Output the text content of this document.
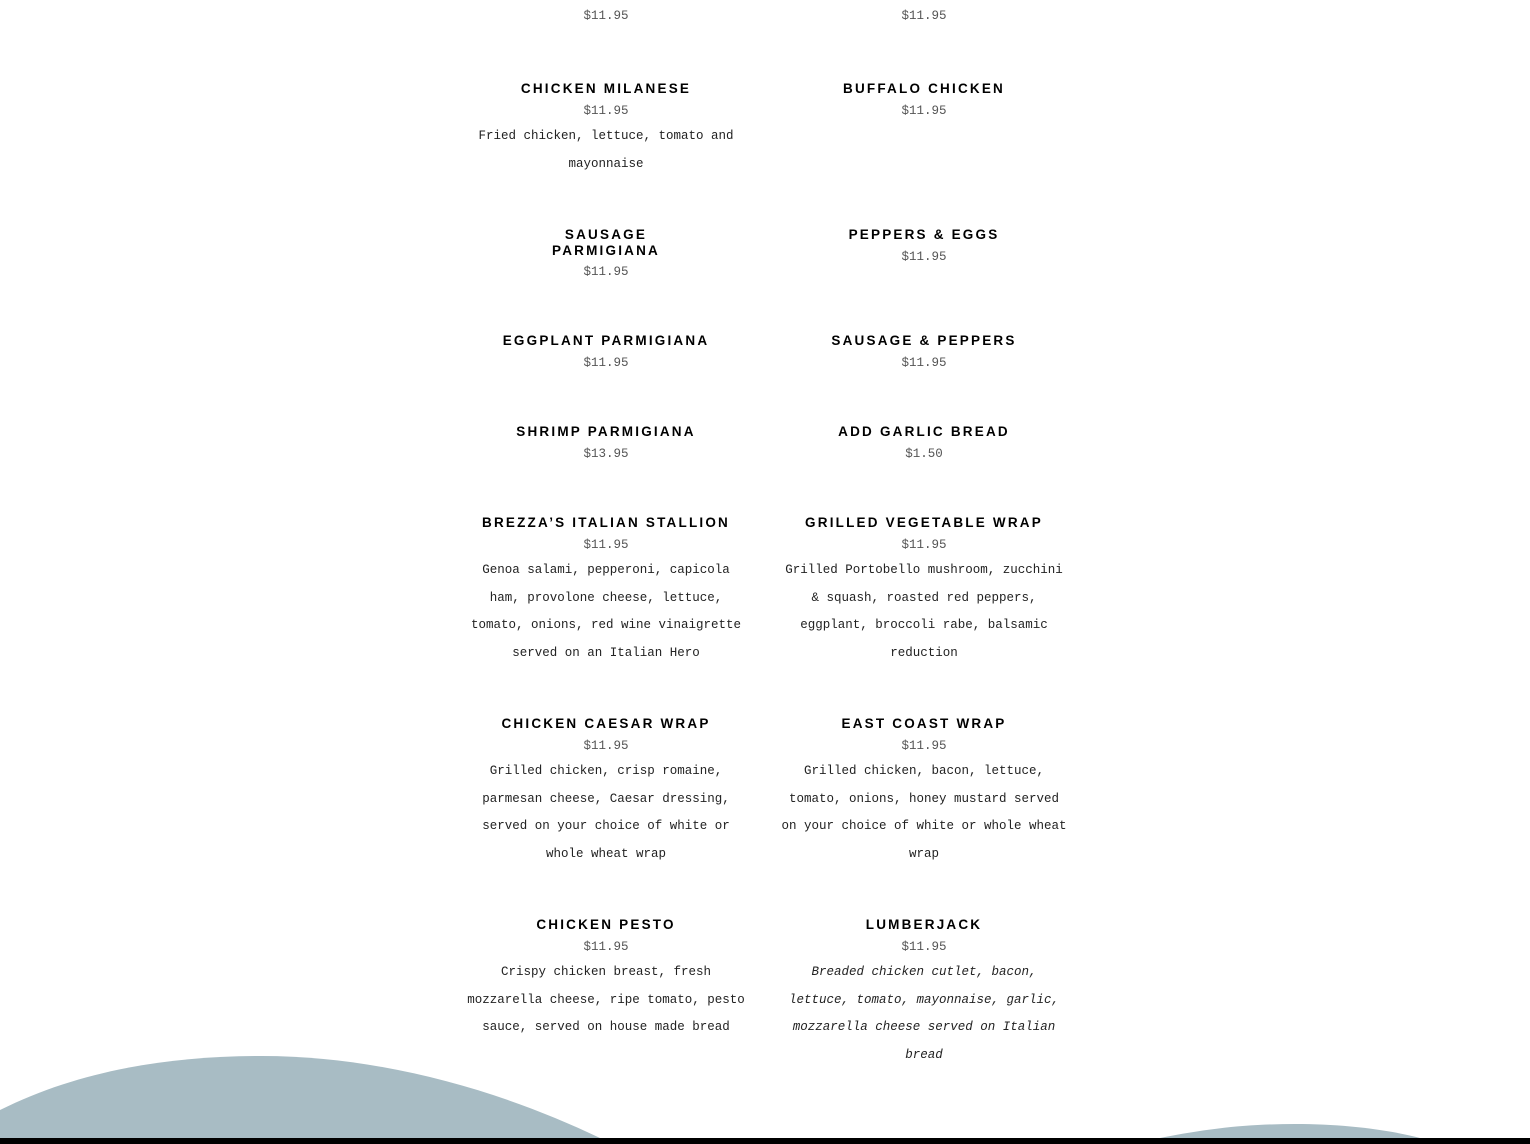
$11.95	$11.95
CHICKEN MILANESE
$11.95
Fried chicken, lettuce, tomato and mayonnaise
BUFFALO CHICKEN
$11.95
SAUSAGE PARMIGIANA
$11.95
PEPPERS & EGGS
$11.95
EGGPLANT PARMIGIANA
$11.95
SAUSAGE & PEPPERS
$11.95
SHRIMP PARMIGIANA
$13.95
ADD GARLIC BREAD
$1.50
BREZZA’S ITALIAN STALLION
$11.95
Genoa salami, pepperoni, capicola ham, provolone cheese, lettuce, tomato, onions, red wine vinaigrette served on an Italian Hero
GRILLED VEGETABLE WRAP
$11.95
Grilled Portobello mushroom, zucchini & squash, roasted red peppers, eggplant, broccoli rabe, balsamic reduction
CHICKEN CAESAR WRAP
$11.95
Grilled chicken, crisp romaine, parmesan cheese, Caesar dressing, served on your choice of white or whole wheat wrap
EAST COAST WRAP
$11.95
Grilled chicken, bacon, lettuce, tomato, onions, honey mustard served on your choice of white or whole wheat wrap
CHICKEN PESTO
$11.95
Crispy chicken breast, fresh mozzarella cheese, ripe tomato, pesto sauce, served on house made bread
LUMBERJACK
$11.95
Breaded chicken cutlet, bacon, lettuce, tomato, mayonnaise, garlic, mozzarella cheese served on Italian bread
